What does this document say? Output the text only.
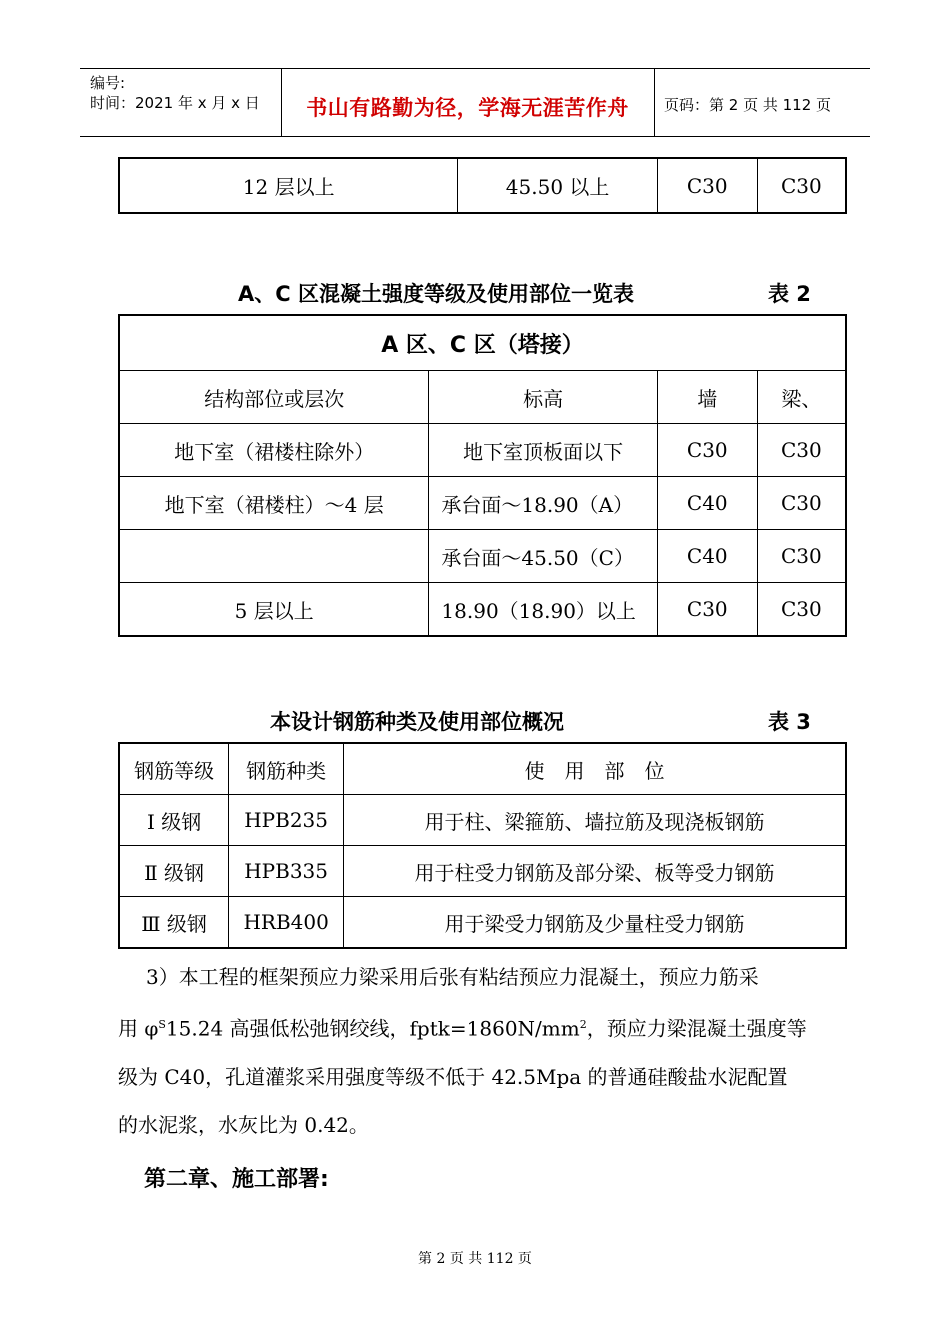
编号:
时间：2021 年 x 月 x 日	书山有路勤为径，学海无涯苦作舟	页码：第 2 页 共 112 页
12 层以上	45.50 以上	C30	C30
A、C 区混凝土强度等级及使用部位一览表	表 2
A 区、C 区（塔接）			
结构部位或层次	标高	墙	梁、
地下室（裙楼柱除外）	地下室顶板面以下	C30	C30
地下室（裙楼柱）～4 层	承台面～18.90（A）	C40	C30
	承台面～45.50（C）	C40	C30
5 层以上	18.90（18.90）以上	C30	C30
本设计钢筋种类及使用部位概况	表 3
钢筋等级	钢筋种类	使　用　部　位
Ⅰ 级钢	HPB235	用于柱、梁箍筋、墙拉筋及现浇板钢筋
Ⅱ 级钢	HPB335	用于柱受力钢筋及部分梁、板等受力钢筋
Ⅲ 级钢	HRB400	用于梁受力钢筋及少量柱受力钢筋
3）本工程的框架预应力梁采用后张有粘结预应力混凝土，预应力筋采
用 $\varphi^S15.24$ 高强低松弛钢绞线，$fptk=1860N/mm^2$，预应力梁混凝土强度等
级为 C40，孔道灌浆采用强度等级不低于 42.5Mpa 的普通硅酸盐水泥配置
的水泥浆，水灰比为 0.42。
第二章、施工部署:
第 2 页 共 112 页
